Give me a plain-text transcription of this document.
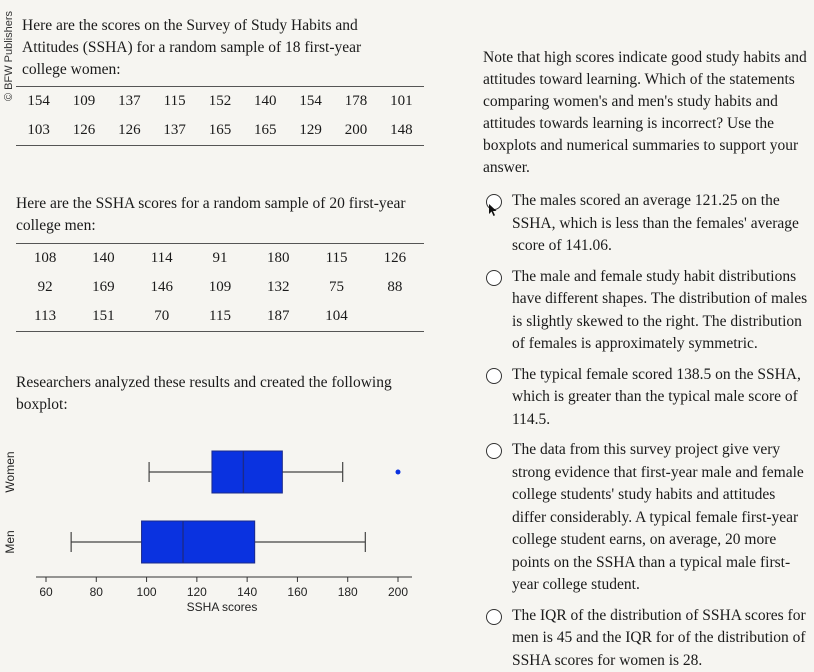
© BFW Publishers Here are the scores on the Survey of Study Habits and Attitudes (SSHA) for a random sample of 18 first-year college women:
154	109	137	115	152	140	154	178	101
103	126	126	137	165	165	129	200	148
Here are the SSHA scores for a random sample of 20 first-year college men:
108	140	114	91	180	115	126
92	169	146	109	132	75	88
113	151	70	115	187	104	
Researchers analyzed these results and created the following boxplot:
Women
Men
60	80	100	120	140	160	180	200
SSHA scores
Note that high scores indicate good study habits and attitudes toward learning. Which of the statements comparing women's and men's study habits and attitudes towards learning is incorrect? Use the boxplots and numerical summaries to support your answer.
The males scored an average 121.25 on the SSHA, which is less than the females' average score of 141.06.
The male and female study habit distributions have different shapes. The distribution of males is slightly skewed to the right. The distribution of females is approximately symmetric.
The typical female scored 138.5 on the SSHA, which is greater than the typical male score of 114.5.
The data from this survey project give very strong evidence that first-year male and female college students' study habits and attitudes differ considerably. A typical female first-year college student earns, on average, 20 more points on the SSHA than a typical male first-year college student.
The IQR of the distribution of SSHA scores for men is 45 and the IQR for of the distribution of SSHA scores for women is 28.
